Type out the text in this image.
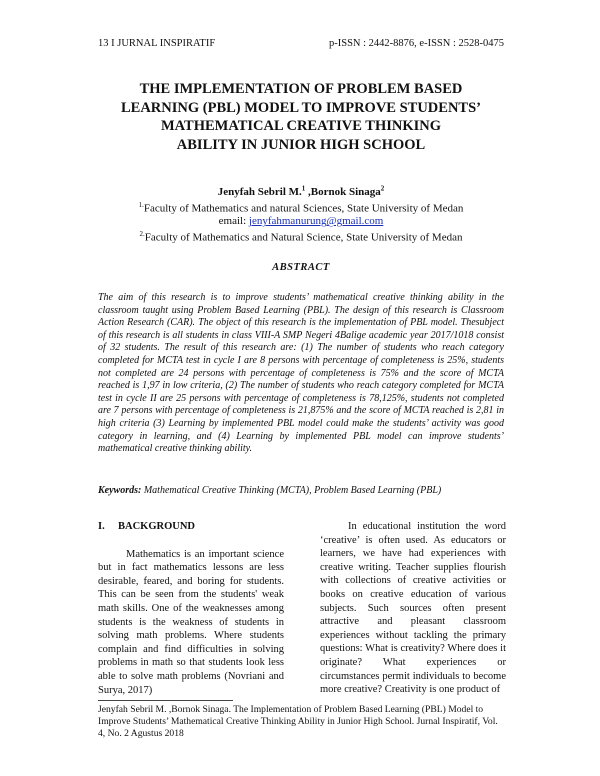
13 I JURNAL INSPIRATIF	p-ISSN : 2442-8876, e-ISSN : 2528-0475
THE IMPLEMENTATION OF PROBLEM BASED
LEARNING (PBL) MODEL TO IMPROVE STUDENTS’
MATHEMATICAL CREATIVE THINKING
ABILITY IN JUNIOR HIGH SCHOOL
Jenyfah Sebril M.$^1$ ,Bornok Sinaga$^2$
$^{1.}$Faculty of Mathematics and natural Sciences, State University of Medan
email: jenyfahmanurung@gmail.com
$^{2.}$Faculty of Mathematics and Natural Science, State University of Medan
ABSTRACT

The aim of this research is to improve students’ mathematical creative thinking ability in the classroom taught using Problem Based Learning (PBL). The design of this research is Classroom Action Research (CAR). The object of this research is the implementation of PBL model. Thesubject of this research is all students in class VIII-A SMP Negeri 4Balige academic year 2017/1018 consist of 32 students. The result of this research are: (1) The number of students who reach category completed for MCTA test in cycle I are 8 persons with percentage of completeness is 25%, students not completed are 24 persons with percentage of completeness is 75% and the score of MCTA reached is 1,97 in low criteria, (2) The number of students who reach category completed for MCTA test in cycle II are 25 persons with percentage of completeness is 78,125%, students not completed are 7 persons with percentage of completeness is 21,875% and the score of MCTA reached is 2,81 in high criteria (3) Learning by implemented PBL model could make the students’ activity was good category in learning, and (4) Learning by implemented PBL model can improve students’ mathematical creative thinking ability.

Keywords: Mathematical Creative Thinking (MCTA), Problem Based Learning (PBL)
I. BACKGROUND

Mathematics is an important science but in fact mathematics lessons are less desirable, feared, and boring for students. This can be seen from the students' weak math skills. One of the weaknesses among students is the weakness of students in solving math problems. Where students complain and find difficulties in solving problems in math so that students look less able to solve math problems (Novriani and Surya, 2017)

In educational institution the word ‘creative’ is often used. As educators or learners, we have had experiences with creative writing. Teacher supplies flourish with collections of creative activities or books on creative education of various subjects. Such sources often present attractive and pleasant classroom experiences without tackling the primary questions: What is creativity? Where does it originate? What experiences or circumstances permit individuals to become more creative? Creativity is one product of

Jenyfah Sebril M. ,Bornok Sinaga. The Implementation of Problem Based Learning (PBL) Model to Improve Students’ Mathematical Creative Thinking Ability in Junior High School. Jurnal Inspiratif, Vol. 4, No. 2 Agustus 2018
